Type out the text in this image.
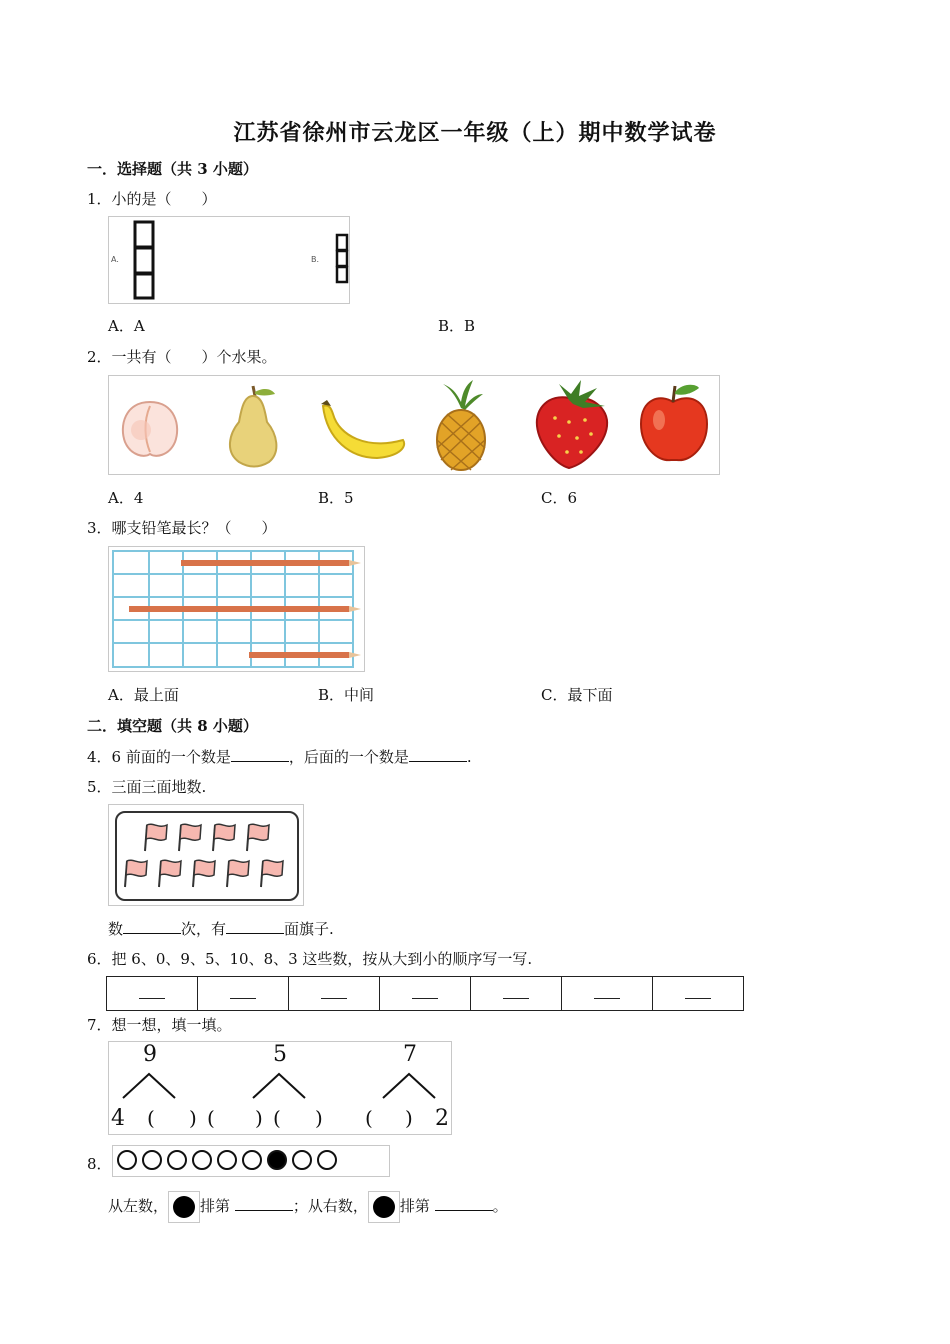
江苏省徐州市云龙区一年级（上）期中数学试卷
一．选择题（共 3 小题）
1．小的是（　　）
A.	B.
A．A	B．B
2．一共有（　　）个水果。
A．4	B．5	C．6
3．哪支铅笔最长？（　　）
A．最上面	B．中间	C．最下面
二．填空题（共 8 小题）
4．6 前面的一个数是	，后面的一个数是	.
5．三面三面地数.
数	次，有	面旗子.
6．把 6、0、9、5、10、8、3 这些数，按从大到小的顺序写一写.

7．想一想，填一填。
9	5	7
4 ( ) ( ) ( ) ( ) 2
8．
从左数， 排第	；从右数， 排第	。
